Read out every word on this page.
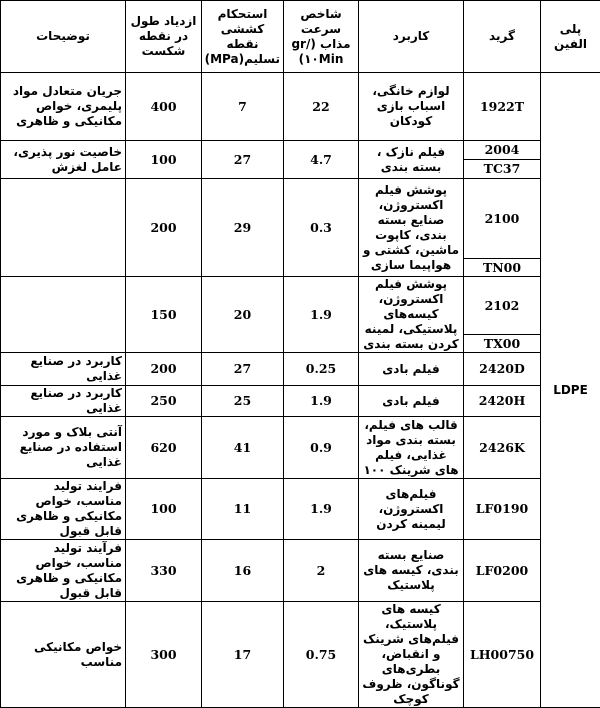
پلی الفین	گرید	کاربرد	شاخص سرعت مذاب (gr/۱۰Min)	استحکام کششی نقطه تسلیم(MPa)	ازدیاد طول در نقطه شکست	توضیحات
LDPE	1922T	لوازم خانگی، اسباب بازی کودکان	22	7	400	جریان متعادل مواد پلیمری، خواص مکانیکی و ظاهری
	2004	فیلم نازک ، بسته بندی	4.7	27	100	خاصیت نور پذیری، عامل لغزش
	TC37					
	2100	پوشش فیلم اکستروژن، صنایع بسته بندی، کاپوت ماشین، کشتی و هواپیما سازی	0.3	29	200	
	TN00					
	2102	پوشش فیلم اکستروژن، کیسه‌های پلاستیکی، لمینه کردن بسته بندی	1.9	20	150	
	TX00					
	2420D	فیلم بادی	0.25	27	200	کاربرد در صنایع غذایی
	2420H	فیلم بادی	1.9	25	250	کاربرد در صنایع غذایی
	2426K	قالب های فیلم، بسته بندی مواد غذایی، فیلم های شرینک ۱۰۰	0.9	41	620	آنتی بلاک و مورد استفاده در صنایع غذایی
	LF0190	فیلم‌های اکستروژن، لیمینه کردن	1.9	11	100	فرایند تولید مناسب، خواص مکانیکی و ظاهری قابل قبول
	LF0200	صنایع بسته بندی، کیسه های پلاستیک	2	16	330	فرآیند تولید مناسب، خواص مکانیکی و ظاهری قابل قبول
	LH00750	کیسه های پلاستیک، فیلم‌های شرینک و انقباض، بطری‌های گوناگون، ظروف کوچک	0.75	17	300	خواص مکانیکی مناسب
